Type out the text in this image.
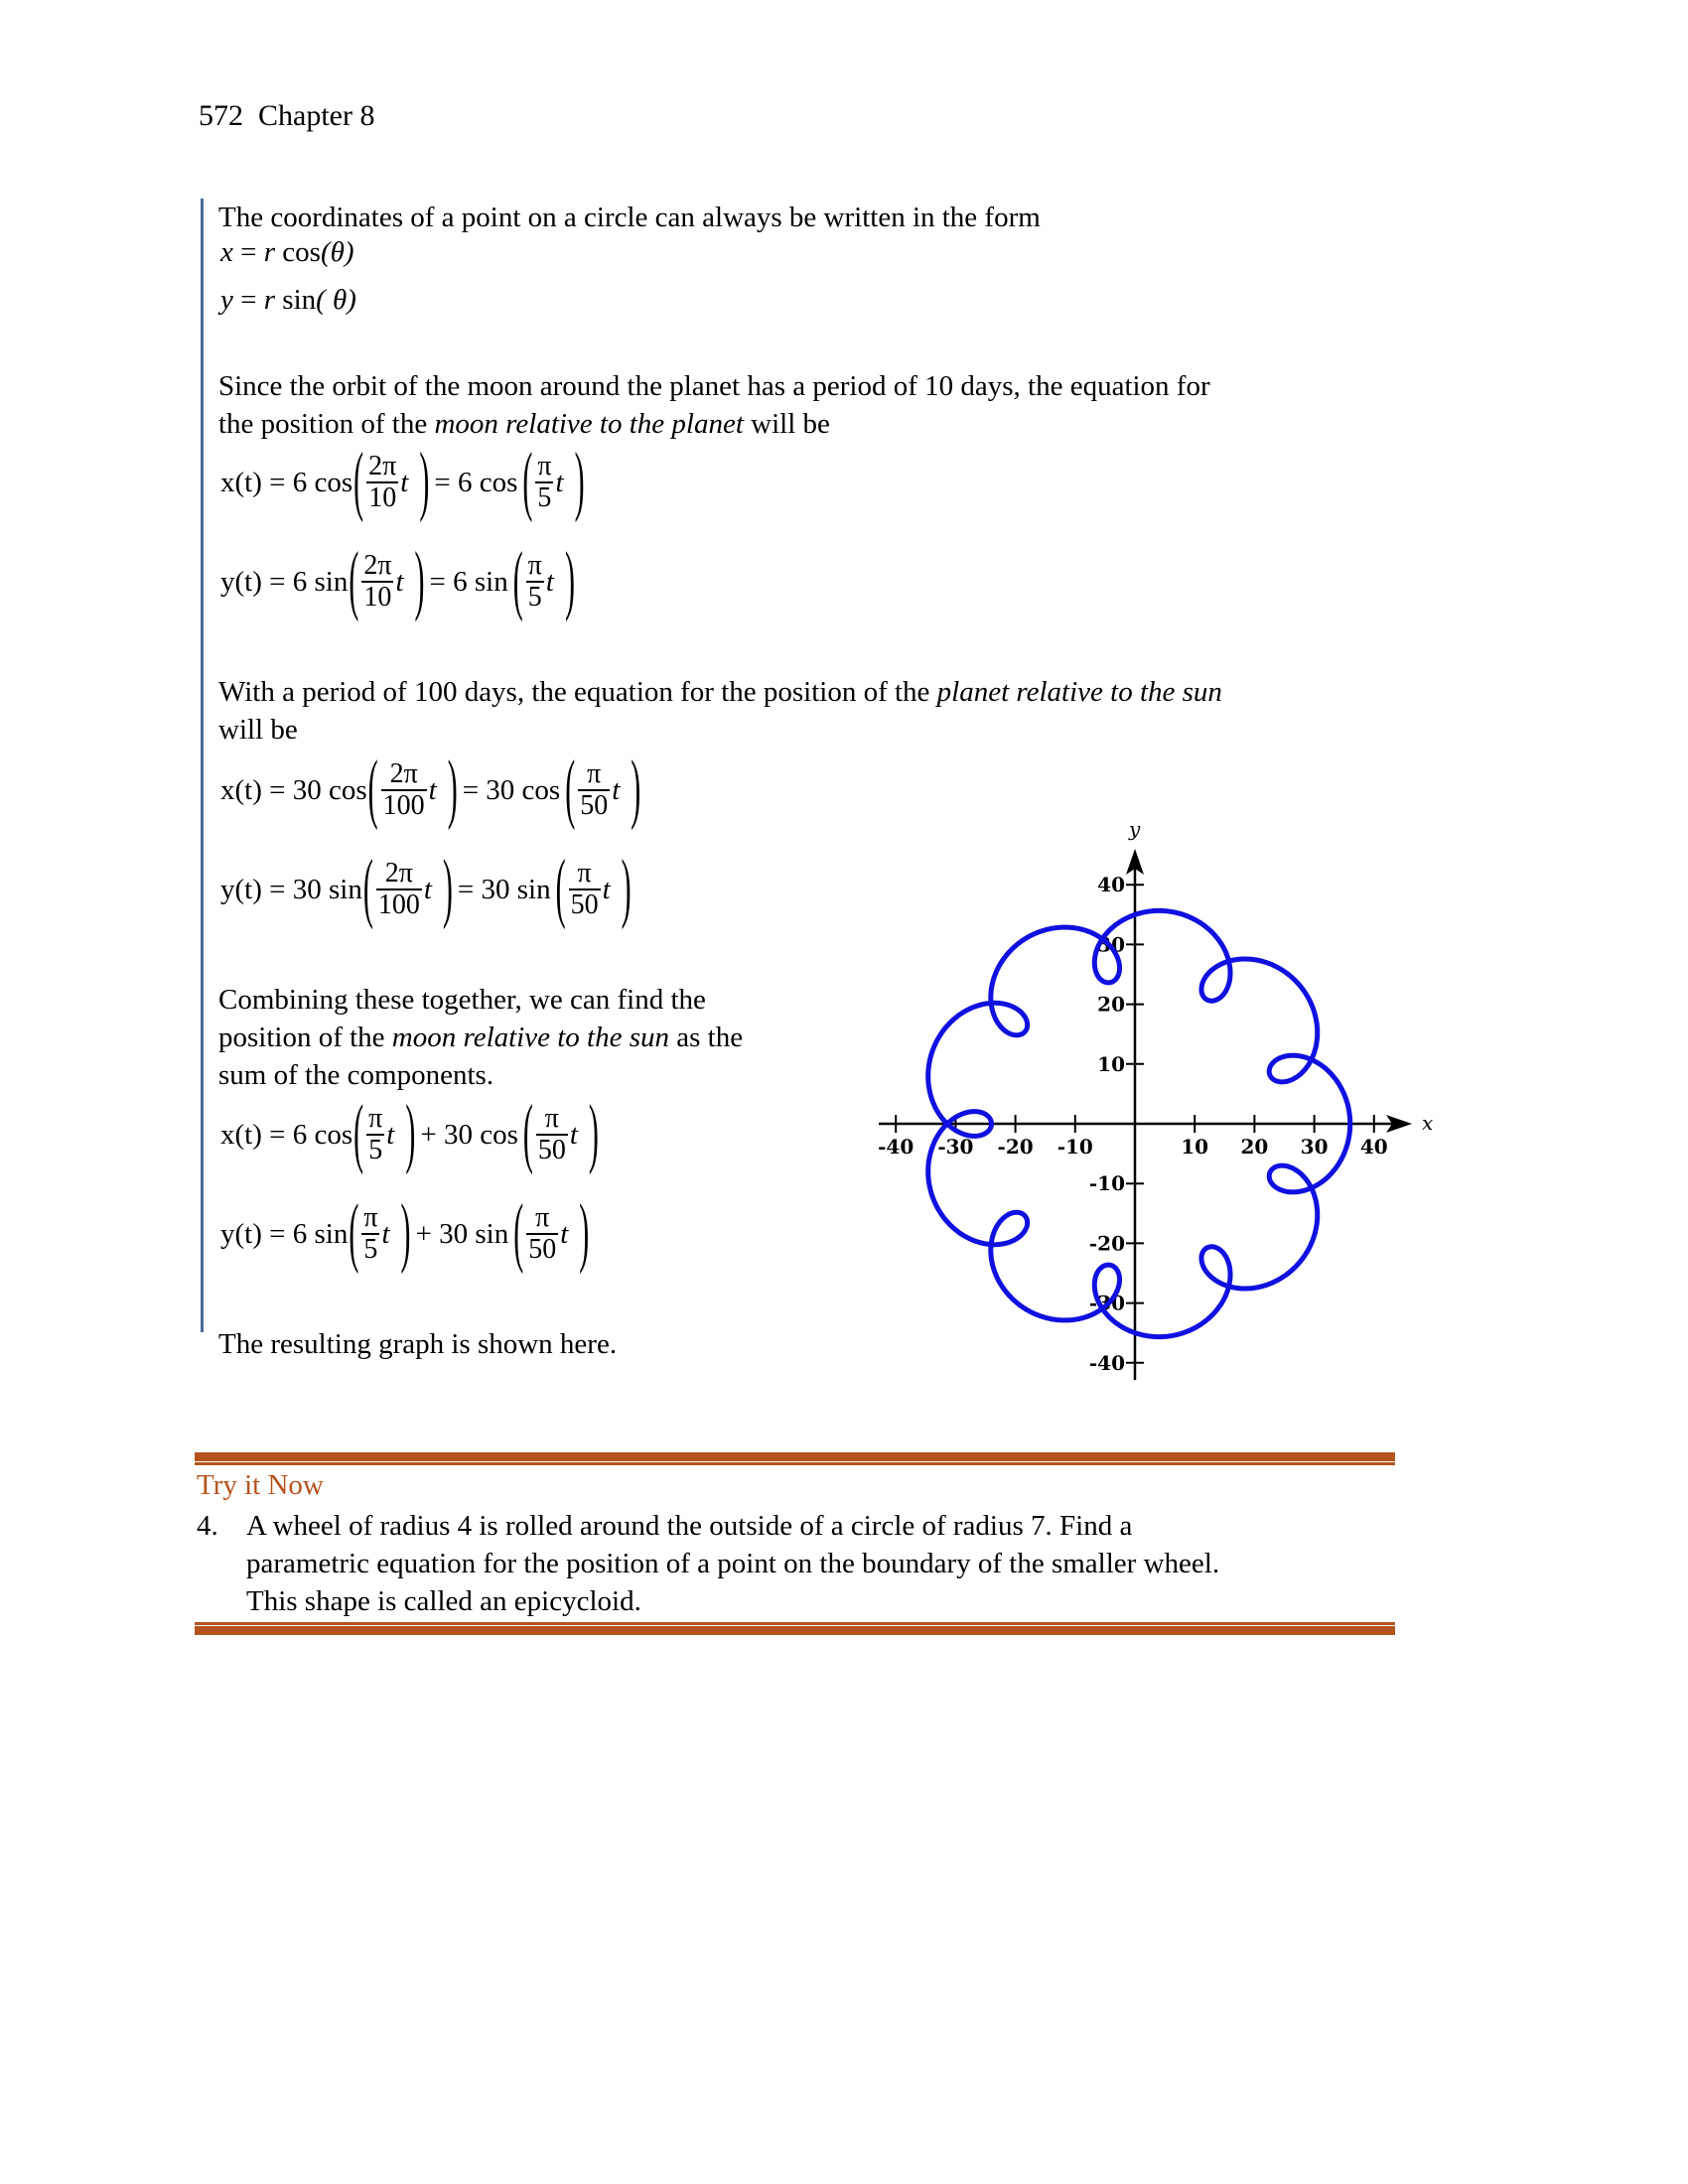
572 Chapter 8
The coordinates of a point on a circle can always be written in the form
x = r
cos (θ)
y = r
sin ( θ)
Since the orbit of the moon around the planet has a period of 10 days, the equation for
the position of the moon relative to the planet will be
x(t) = 6 cos ( $\frac{2\pi}{10}$ t ) = 6 cos ( $\frac{\pi}{5}$ t )
y(t) = 6 sin ( $\frac{2\pi}{10}$ t ) = 6 sin ( $\frac{\pi}{5}$ t )
With a period of 100 days, the equation for the position of the planet relative to the sun
will be
x(t) = 30 cos ( $\frac{2\pi}{100}$ t ) = 30 cos ( $\frac{\pi}{50}$ t )
y(t) = 30 sin ( $\frac{2\pi}{100}$ t ) = 30 sin ( $\frac{\pi}{50}$ t )
Combining these together, we can find the
position of the moon relative to the sun as the
sum of the components.
x(t) = 6 cos ( $\frac{\pi}{5}$ t ) + 30 cos ( $\frac{\pi}{50}$ t )
y(t) = 6 sin ( $\frac{\pi}{5}$ t ) + 30 sin ( $\frac{\pi}{50}$ t )
The resulting graph is shown here.
x
y
-40 -30 -20 -10	10 20 30 40
40
30
20
10
-10
-20
-30
-40
Try it Now
4. A wheel of radius 4 is rolled around the outside of a circle of radius 7. Find a
parametric equation for the position of a point on the boundary of the smaller wheel.
This shape is called an epicycloid.
